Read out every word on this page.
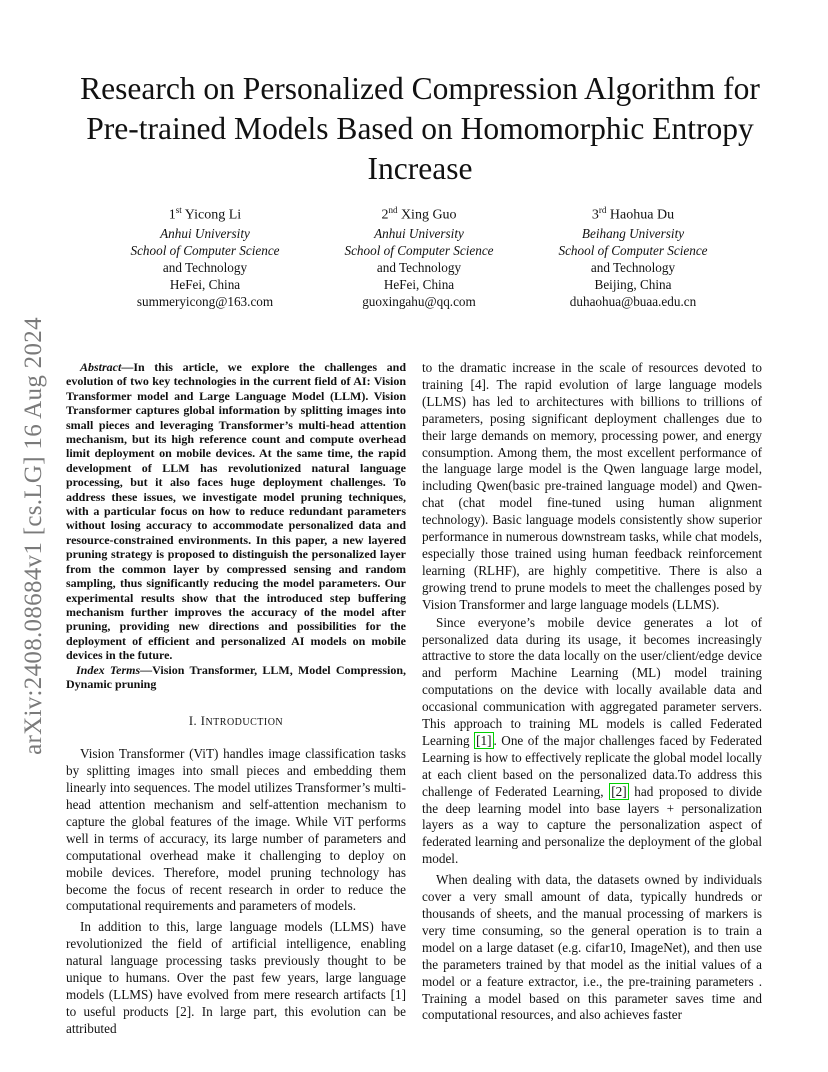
arXiv:2408.08684v1 [cs.LG] 16 Aug 2024
Research on Personalized Compression Algorithm for Pre-trained Models Based on Homomorphic Entropy Increase
1st Yicong Li
Anhui University
School of Computer Science
and Technology
HeFei, China
summeryicong@163.com
2nd Xing Guo
Anhui University
School of Computer Science
and Technology
HeFei, China
guoxingahu@qq.com
3rd Haohua Du
Beihang University
School of Computer Science
and Technology
Beijing, China
duhaohua@buaa.edu.cn

Abstract—In this article, we explore the challenges and evolution of two key technologies in the current field of AI: Vision Transformer model and Large Language Model (LLM). Vision Transformer captures global information by splitting images into small pieces and leveraging Transformer’s multi-head attention mechanism, but its high reference count and compute overhead limit deployment on mobile devices. At the same time, the rapid development of LLM has revolutionized natural language processing, but it also faces huge deployment challenges. To address these issues, we investigate model pruning techniques, with a particular focus on how to reduce redundant parameters without losing accuracy to accommodate personalized data and resource-constrained environments. In this paper, a new layered pruning strategy is proposed to distinguish the personalized layer from the common layer by compressed sensing and random sampling, thus significantly reducing the model parameters. Our experimental results show that the introduced step buffering mechanism further improves the accuracy of the model after pruning, providing new directions and possibilities for the deployment of efficient and personalized AI models on mobile devices in the future.

Index Terms—Vision Transformer, LLM, Model Compression, Dynamic pruning

I. INTRODUCTION

Vision Transformer (ViT) handles image classification tasks by splitting images into small pieces and embedding them linearly into sequences. The model utilizes Transformer’s multi-head attention mechanism and self-attention mechanism to capture the global features of the image. While ViT performs well in terms of accuracy, its large number of parameters and computational overhead make it challenging to deploy on mobile devices. Therefore, model pruning technology has become the focus of recent research in order to reduce the computational requirements and parameters of models.

In addition to this, large language models (LLMS) have revolutionized the field of artificial intelligence, enabling natural language processing tasks previously thought to be unique to humans. Over the past few years, large language models (LLMS) have evolved from mere research artifacts [1] to useful products [2]. In large part, this evolution can be attributed

to the dramatic increase in the scale of resources devoted to training [4]. The rapid evolution of large language models (LLMS) has led to architectures with billions to trillions of parameters, posing significant deployment challenges due to their large demands on memory, processing power, and energy consumption. Among them, the most excellent performance of the language large model is the Qwen language large model, including Qwen(basic pre-trained language model) and Qwen-chat (chat model fine-tuned using human alignment technology). Basic language models consistently show superior performance in numerous downstream tasks, while chat models, especially those trained using human feedback reinforcement learning (RLHF), are highly competitive. There is also a growing trend to prune models to meet the challenges posed by Vision Transformer and large language models (LLMS).

Since everyone’s mobile device generates a lot of personalized data during its usage, it becomes increasingly attractive to store the data locally on the user/client/edge device and perform Machine Learning (ML) model training computations on the device with locally available data and occasional communication with aggregated parameter servers. This approach to training ML models is called Federated Learning [1] . One of the major challenges faced by Federated Learning is how to effectively replicate the global model locally at each client based on the personalized data.To address this challenge of Federated Learning, [2] had proposed to divide the deep learning model into base layers + personalization layers as a way to capture the personalization aspect of federated learning and personalize the deployment of the global model.

When dealing with data, the datasets owned by individuals cover a very small amount of data, typically hundreds or thousands of sheets, and the manual processing of markers is very time consuming, so the general operation is to train a model on a large dataset (e.g. cifar10, ImageNet), and then use the parameters trained by that model as the initial values of a model or a feature extractor, i.e., the pre-training parameters . Training a model based on this parameter saves time and computational resources, and also achieves faster
